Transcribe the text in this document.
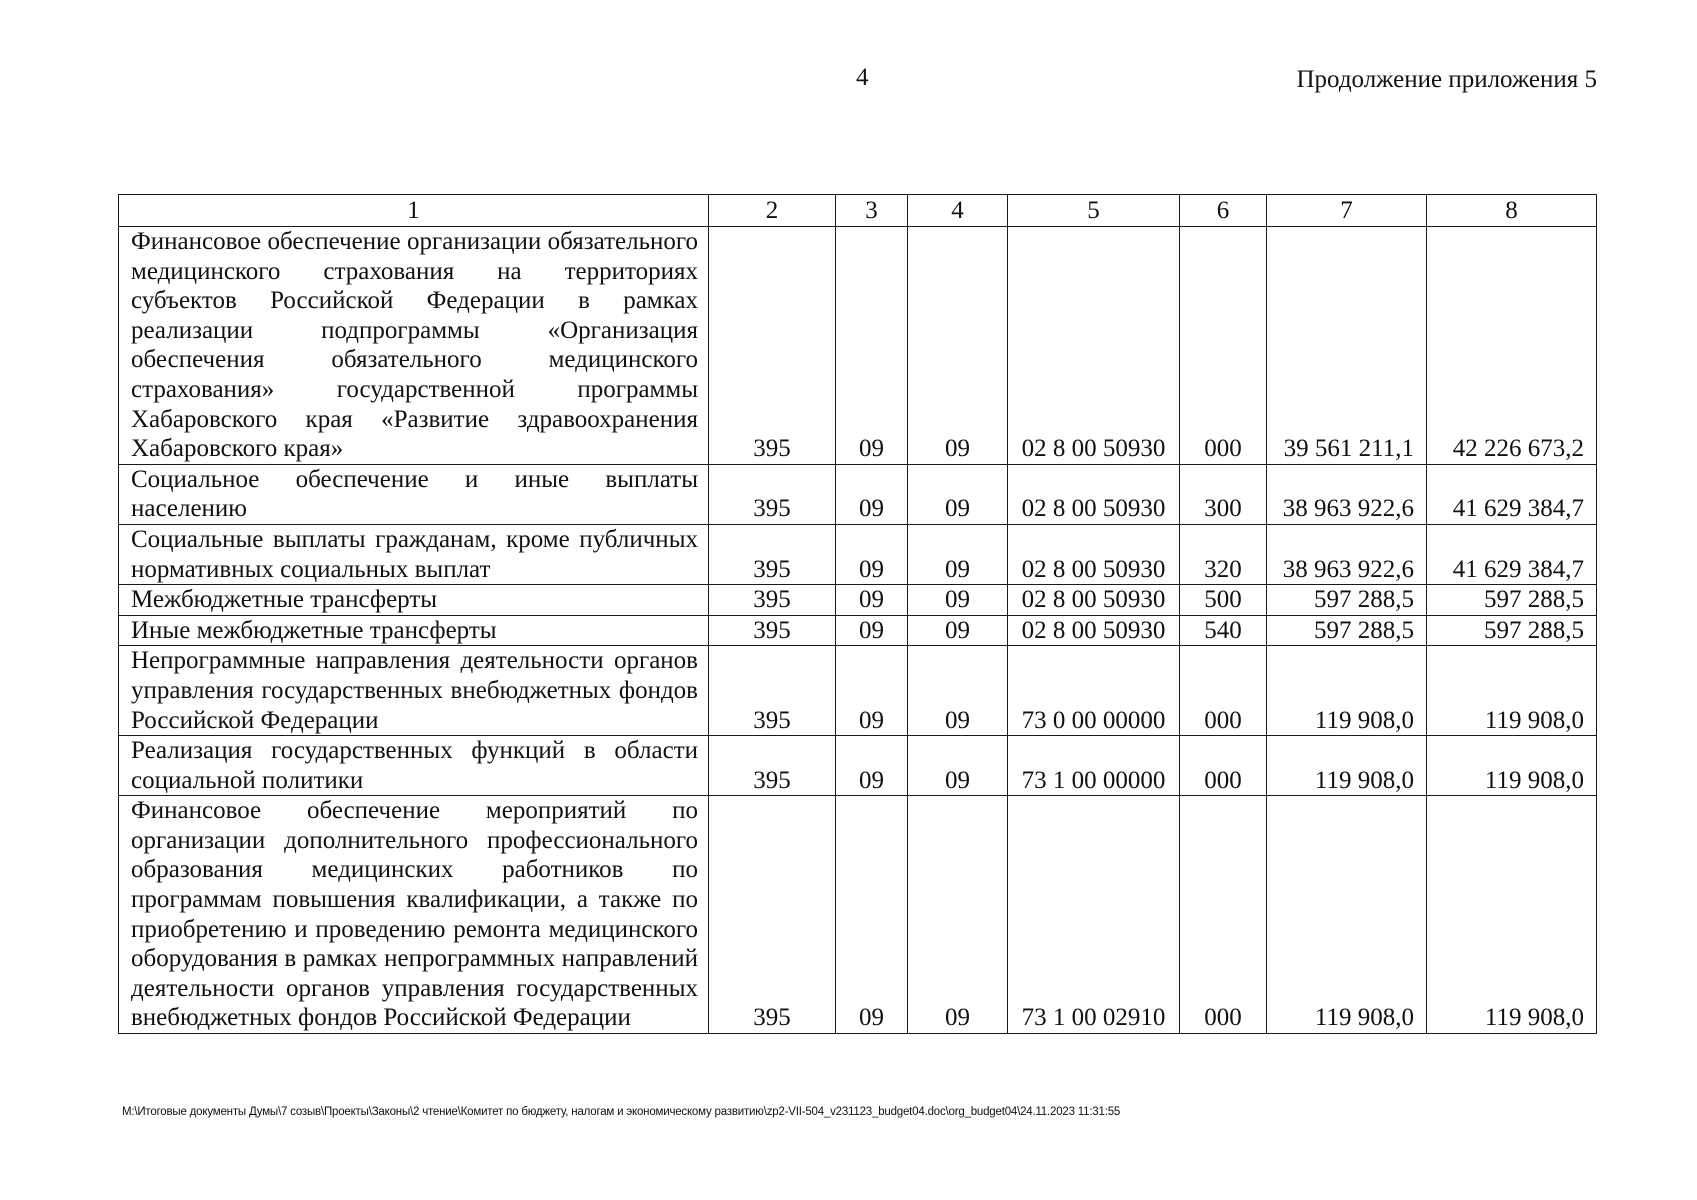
4	Продолжение приложения 5
1	2	3	4	5	6	7	8
Финансовое обеспечение организации обязательного медицинского страхования на территориях субъектов Российской Федерации в рамках реализации подпрограммы «Организация обеспечения обязательного медицинского страхования» государственной программы Хабаровского края «Развитие здравоохранения Хабаровского края»	395	09	09	02 8 00 50930	000	39 561 211,1	42 226 673,2
Социальное обеспечение и иные выплаты населению	395	09	09	02 8 00 50930	300	38 963 922,6	41 629 384,7
Социальные выплаты гражданам, кроме публичных нормативных социальных выплат	395	09	09	02 8 00 50930	320	38 963 922,6	41 629 384,7
Межбюджетные трансферты	395	09	09	02 8 00 50930	500	597 288,5	597 288,5
Иные межбюджетные трансферты	395	09	09	02 8 00 50930	540	597 288,5	597 288,5
Непрограммные направления деятельности органов управления государственных внебюджетных фондов Российской Федерации	395	09	09	73 0 00 00000	000	119 908,0	119 908,0
Реализация государственных функций в области социальной политики	395	09	09	73 1 00 00000	000	119 908,0	119 908,0
Финансовое обеспечение мероприятий по организации дополнительного профессионального образования медицинских работников по программам повышения квалификации, а также по приобретению и проведению ремонта медицинского оборудования в рамках непрограммных направлений деятельности органов управления государственных внебюджетных фондов Российской Федерации	395	09	09	73 1 00 02910	000	119 908,0	119 908,0
M:\Итоговые документы Думы\7 созыв\Проекты\Законы\2 чтение\Комитет по бюджету, налогам и экономическому развитию\zp2-VII-504_v231123_budget04.doc\org_budget04\24.11.2023 11:31:55
